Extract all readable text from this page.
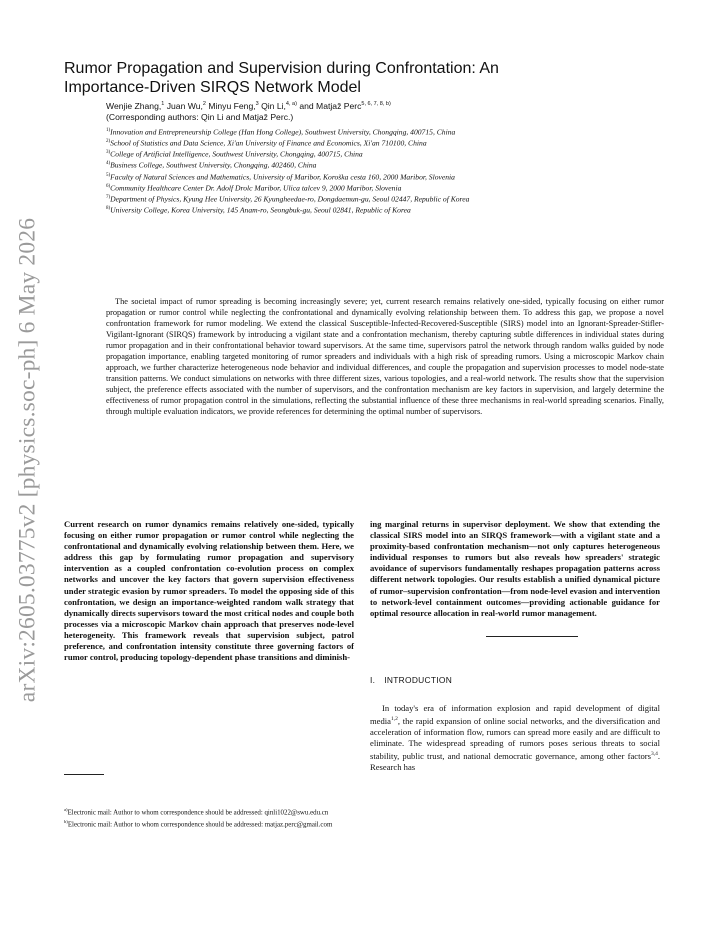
arXiv:2605.03775v2 [physics.soc-ph] 6 May 2026
Rumor Propagation and Supervision during Confrontation: An
Importance-Driven SIRQS Network Model
Wenjie Zhang,$^1$ Juan Wu,$^2$ Minyu Feng,$^3$ Qin Li,$^{4, a)}$ and Matjaž Perc$^{5, 6, 7, 8, b)}$
(Corresponding authors: Qin Li and Matjaž Perc.)
$^{1)}$Innovation and Entrepreneurship College (Han Hong College), Southwest University, Chongqing, 400715, China
$^{2)}$School of Statistics and Data Science, Xi'an University of Finance and Economics, Xi'an 710100, China
$^{3)}$College of Artificial Intelligence, Southwest University, Chongqing, 400715, China
$^{4)}$Business College, Southwest University, Chongqing, 402460, China
$^{5)}$Faculty of Natural Sciences and Mathematics, University of Maribor, Koroška cesta 160, 2000 Maribor, Slovenia
$^{6)}$Community Healthcare Center Dr. Adolf Drolc Maribor, Ulica talcev 9, 2000 Maribor, Slovenia
$^{7)}$Department of Physics, Kyung Hee University, 26 Kyungheedae-ro, Dongdaemun-gu, Seoul 02447, Republic of Korea
$^{8)}$University College, Korea University, 145 Anam-ro, Seongbuk-gu, Seoul 02841, Republic of Korea

The societal impact of rumor spreading is becoming increasingly severe; yet, current research remains relatively one-sided, typically focusing on either rumor propagation or rumor control while neglecting the confrontational and dynamically evolving relationship between them. To address this gap, we propose a novel confrontation framework for rumor modeling. We extend the classical Susceptible-Infected-Recovered-Susceptible (SIRS) model into an Ignorant-Spreader-Stifler-Vigilant-Ignorant (SIRQS) framework by introducing a vigilant state and a confrontation mechanism, thereby capturing subtle differences in individual states during rumor propagation and in their confrontational behavior toward supervisors. At the same time, supervisors patrol the network through random walks guided by node propagation importance, enabling targeted monitoring of rumor spreaders and individuals with a high risk of spreading rumors. Using a microscopic Markov chain approach, we further characterize heterogeneous node behavior and individual differences, and couple the propagation and supervision processes to model node-state transition patterns. We conduct simulations on networks with three different sizes, various topologies, and a real-world network. The results show that the supervision subject, the preference effects associated with the number of supervisors, and the confrontation mechanism are key factors in supervision, and largely determine the effectiveness of rumor propagation control in the simulations, reflecting the substantial influence of these three mechanisms in real-world spreading scenarios. Finally, through multiple evaluation indicators, we provide references for determining the optimal number of supervisors.

Current research on rumor dynamics remains relatively one-sided, typically focusing on either rumor propagation or rumor control while neglecting the confrontational and dynamically evolving relationship between them. Here, we address this gap by formulating rumor propagation and supervisory intervention as a coupled confrontation co-evolution process on complex networks and uncover the key factors that govern supervision effectiveness under strategic evasion by rumor spreaders. To model the opposing side of this confrontation, we design an importance-weighted random walk strategy that dynamically directs supervisors toward the most critical nodes and couple both processes via a microscopic Markov chain approach that preserves node-level heterogeneity. This framework reveals that supervision subject, patrol preference, and confrontation intensity constitute three governing factors of rumor control, producing topology-dependent phase transitions and diminish-

ing marginal returns in supervisor deployment. We show that extending the classical SIRS model into an SIRQS framework—with a vigilant state and a proximity-based confrontation mechanism—not only captures heterogeneous individual responses to rumors but also reveals how spreaders' strategic avoidance of supervisors fundamentally reshapes propagation patterns across different network topologies. Our results establish a unified dynamical picture of rumor–supervision confrontation—from node-level evasion and intervention to network-level containment outcomes—providing actionable guidance for optimal resource allocation in real-world rumor management.

$^{a)}$Electronic mail: Author to whom correspondence should be addressed: qinli1022@swu.edu.cn

$^{b)}$Electronic mail: Author to whom correspondence should be addressed: matjaz.perc@gmail.com

I. INTRODUCTION

In today's era of information explosion and rapid development of digital media$^{1,2}$, the rapid expansion of online social networks, and the diversification and acceleration of information flow, rumors can spread more easily and are difficult to eliminate. The widespread spreading of rumors poses serious threats to social stability, public trust, and national democratic governance, among other factors$^{3,4}$. Research has
